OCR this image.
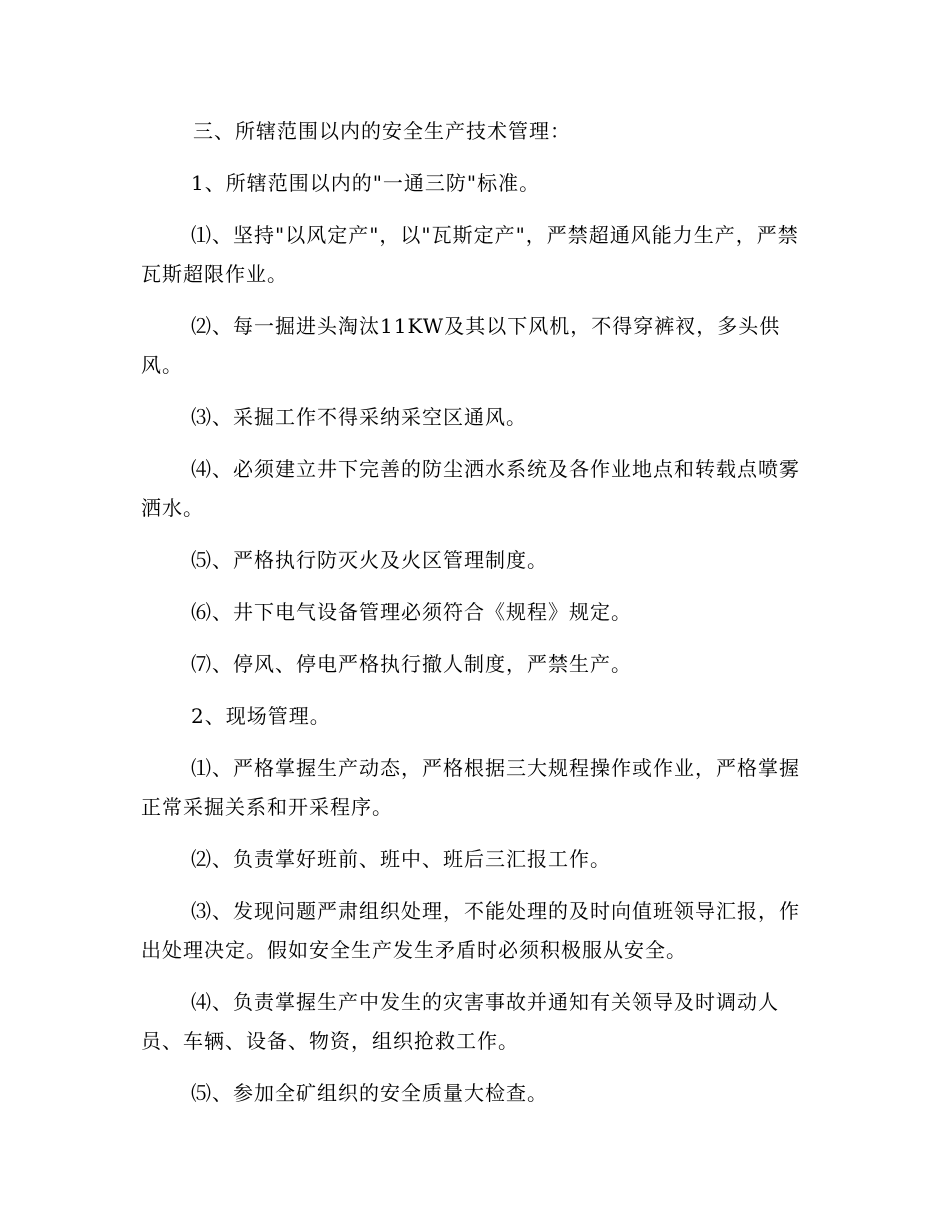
三、所辖范围以内的安全生产技术管理：

1、所辖范围以内的"一通三防"标准。

⑴、坚持"以风定产"，以"瓦斯定产"，严禁超通风能力生产，严禁瓦斯超限作业。

⑵、每一掘进头淘汰11KW及其以下风机，不得穿裤衩，多头供风。

⑶、采掘工作不得采纳采空区通风。

⑷、必须建立井下完善的防尘洒水系统及各作业地点和转载点喷雾洒水。

⑸、严格执行防灭火及火区管理制度。

⑹、井下电气设备管理必须符合《规程》规定。

⑺、停风、停电严格执行撤人制度，严禁生产。

2、现场管理。

⑴、严格掌握生产动态，严格根据三大规程操作或作业，严格掌握正常采掘关系和开采程序。

⑵、负责掌好班前、班中、班后三汇报工作。

⑶、发现问题严肃组织处理，不能处理的及时向值班领导汇报，作出处理决定。假如安全生产发生矛盾时必须积极服从安全。

⑷、负责掌握生产中发生的灾害事故并通知有关领导及时调动人员、车辆、设备、物资，组织抢救工作。

⑸、参加全矿组织的安全质量大检查。
